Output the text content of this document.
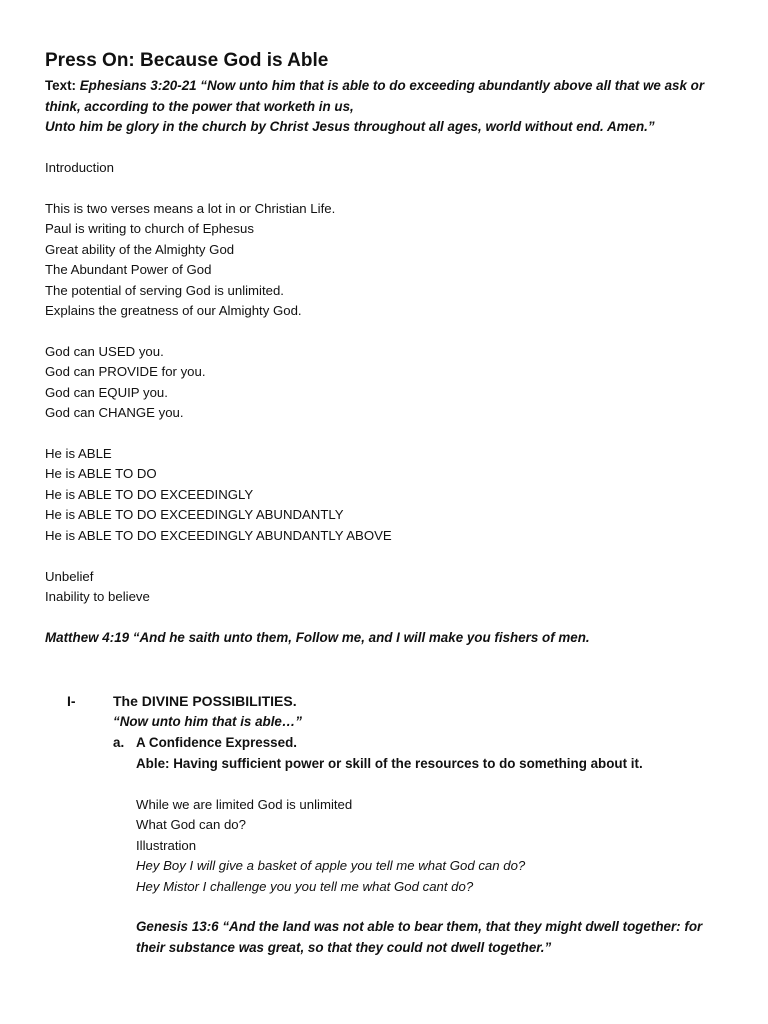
Press On: Because God is Able
Text: Ephesians 3:20-21 “Now unto him that is able to do exceeding abundantly above all that we ask or think, according to the power that worketh in us,
Unto him be glory in the church by Christ Jesus throughout all ages, world without end. Amen.”
Introduction
This is two verses means a lot in or Christian Life.
Paul is writing to church of Ephesus
Great ability of the Almighty God
The Abundant Power of God
The potential of serving God is unlimited.
Explains the greatness of our Almighty God.
God can USED you.
God can PROVIDE for you.
God can EQUIP you.
God can CHANGE you.
He is ABLE
He is ABLE TO DO
He is ABLE TO DO EXCEEDINGLY
He is ABLE TO DO EXCEEDINGLY ABUNDANTLY
He is ABLE TO DO EXCEEDINGLY ABUNDANTLY ABOVE
Unbelief
Inability to believe
Matthew 4:19 “And he saith unto them, Follow me, and I will make you fishers of men.
I-	The DIVINE POSSIBILITIES.
“Now unto him that is able…”
a. A Confidence Expressed.
Able: Having sufficient power or skill of the resources to do something about it.
While we are limited God is unlimited
What God can do?
Illustration
Hey Boy I will give a basket of apple you tell me what God can do?
Hey Mistor I challenge you you tell me what God cant do?
Genesis 13:6 “And the land was not able to bear them, that they might dwell together: for their substance was great, so that they could not dwell together.”
